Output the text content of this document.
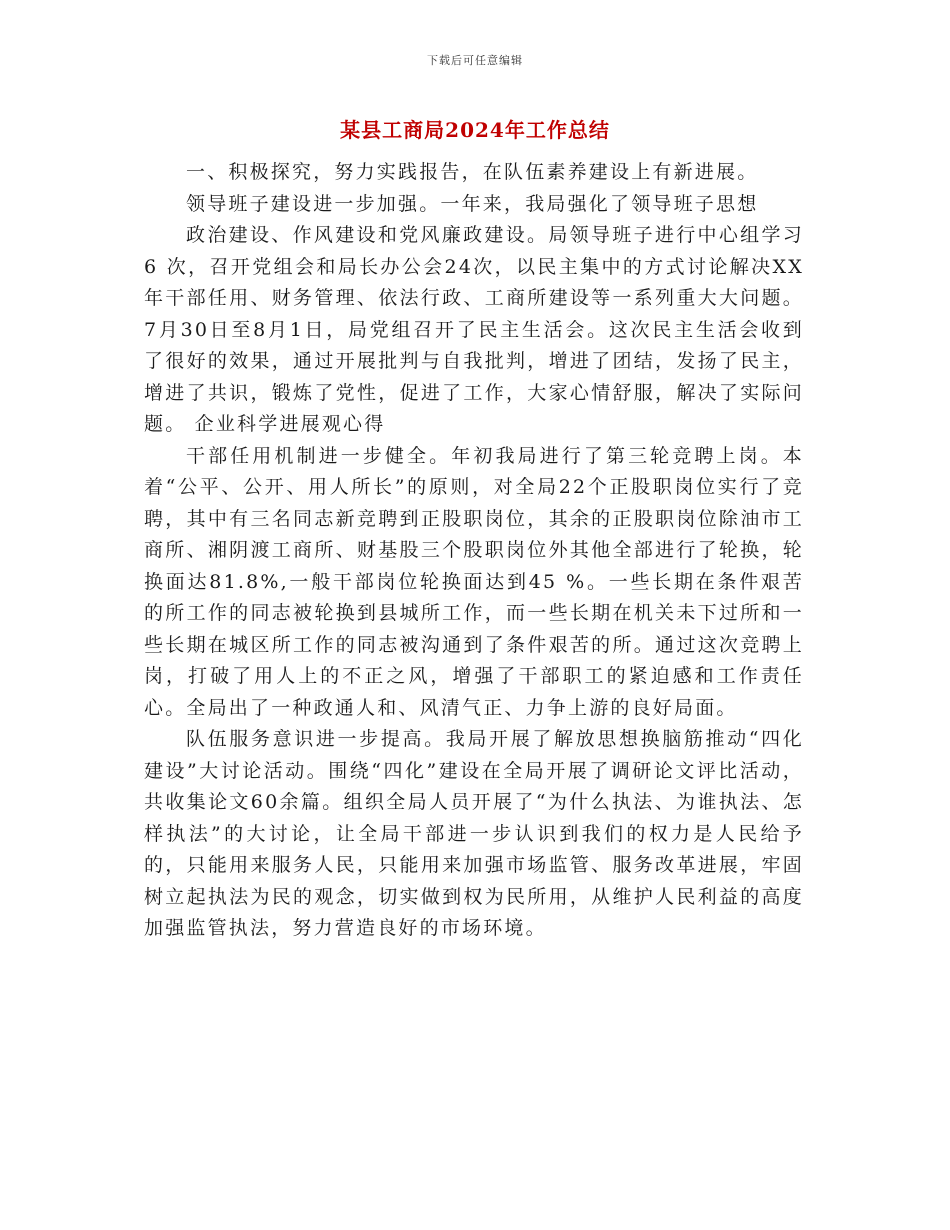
下载后可任意编辑
某县工商局2024年工作总结

一、积极探究，努力实践报告，在队伍素养建设上有新进展。

领导班子建设进一步加强。一年来，我局强化了领导班子思想

政治建设、作风建设和党风廉政建设。局领导班子进行中心组学习 6 次，召开党组会和局长办公会24次，以民主集中的方式讨论解决XX年干部任用、财务管理、依法行政、工商所建设等一系列重大大问题。7月30日至8月1日，局党组召开了民主生活会。这次民主生活会收到了很好的效果，通过开展批判与自我批判，增进了团结，发扬了民主，增进了共识，锻炼了党性，促进了工作，大家心情舒服，解决了实际问题。 企业科学进展观心得

干部任用机制进一步健全。年初我局进行了第三轮竞聘上岗。本着“公平、公开、用人所长”的原则，对全局22个正股职岗位实行了竞聘，其中有三名同志新竞聘到正股职岗位，其余的正股职岗位除油市工商所、湘阴渡工商所、财基股三个股职岗位外其他全部进行了轮换，轮换面达81.8%,一般干部岗位轮换面达到45 %。一些长期在条件艰苦的所工作的同志被轮换到县城所工作，而一些长期在机关未下过所和一些长期在城区所工作的同志被沟通到了条件艰苦的所。通过这次竞聘上岗，打破了用人上的不正之风，增强了干部职工的紧迫感和工作责任心。全局出了一种政通人和、风清气正、力争上游的良好局面。

队伍服务意识进一步提高。我局开展了解放思想换脑筋推动“四化建设”大讨论活动。围绕“四化”建设在全局开展了调研论文评比活动，共收集论文60余篇。组织全局人员开展了“为什么执法、为谁执法、怎样执法”的大讨论，让全局干部进一步认识到我们的权力是人民给予的，只能用来服务人民，只能用来加强市场监管、服务改革进展，牢固树立起执法为民的观念，切实做到权为民所用，从维护人民利益的高度加强监管执法，努力营造良好的市场环境。
